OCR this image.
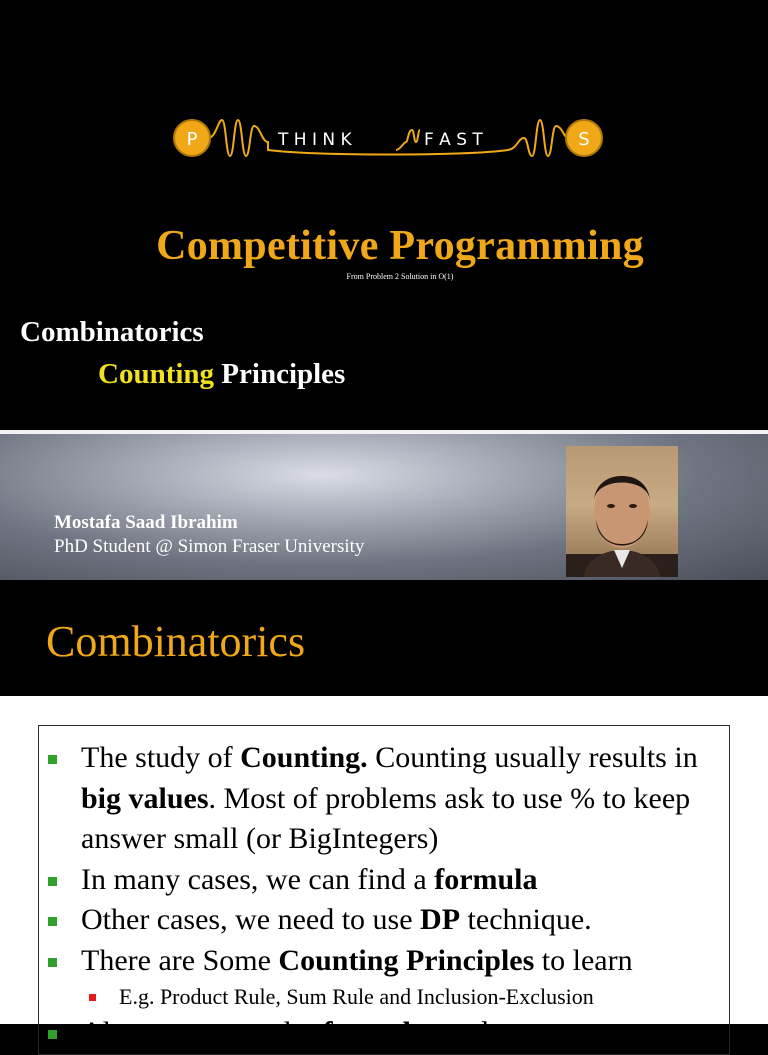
P	T H I N K	F A S T	S
Competitive Programming
From Problem 2 Solution in O(1)
Combinatorics
Counting Principles
Mostafa Saad Ibrahim
PhD Student @ Simon Fraser University
Combinatorics
The study of Counting. Counting usually results in big values. Most of problems ask to use % to keep answer small (or BigIntegers)
In many cases, we can find a formula
Other cases, we need to use DP technique.
There are Some Counting Principles to learn
E.g. Product Rule, Sum Rule and Inclusion-Exclusion
Also, some popular formulas and sequences
